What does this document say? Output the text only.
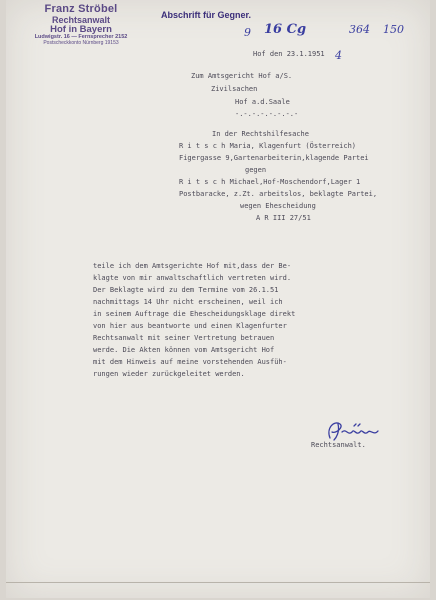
Franz Ströbel
Rechtsanwalt
Hof in Bayern
Ludwigstr. 16 — Fernsprecher 2152
Postscheckkonto Nürnberg 19153
Abschrift für Gegner.
9 16 Cg	364 150
4
Hof den 23.1.1951
Zum Amtsgericht Hof a/S.
Zivilsachen
Hof a.d.Saale
-.-.-.-.-.-.-.-
In der Rechtshilfesache
R i t s c h Maria, Klagenfurt (Österreich)
Figergasse 9,Gartenarbeiterin,klagende Partei
gegen
R i t s c h Michael,Hof-Moschendorf,Lager 1
Postbaracke, z.Zt. arbeitslos, beklagte Partei,
wegen Ehescheidung
A R III 27/51
teile ich dem Amtsgerichte Hof mit,dass der Be-
klagte von mir anwaltschaftlich vertreten wird.
Der Beklagte wird zu dem Termine vom 26.1.51
nachmittags 14 Uhr nicht erscheinen, weil ich
in seinem Auftrage die Ehescheidungsklage direkt
von hier aus beantworte und einen Klagenfurter
Rechtsanwalt mit seiner Vertretung betrauen
werde. Die Akten können vom Amtsgericht Hof
mit dem Hinweis auf meine vorstehenden Ausfüh-
rungen wieder zurückgeleitet werden.
Rechtsanwalt.
